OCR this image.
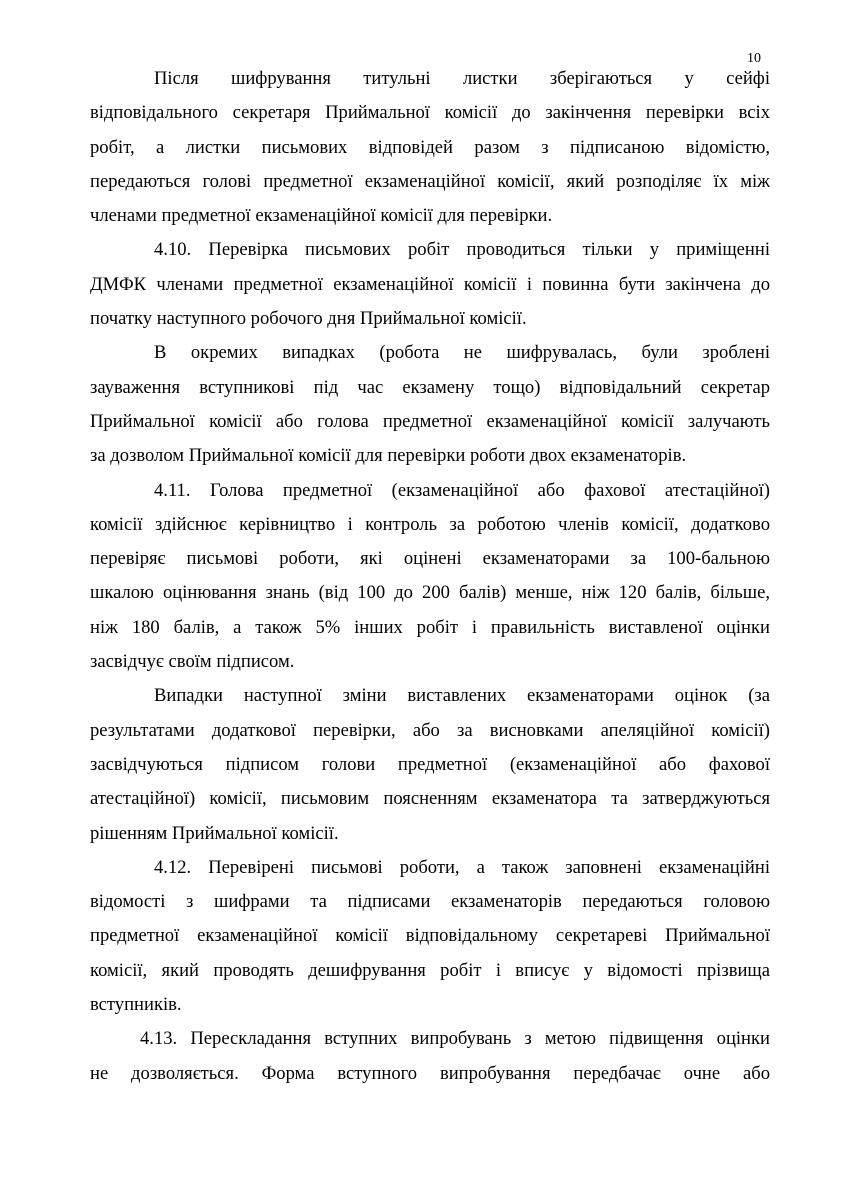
10
Після шифрування титульні листки зберігаються у сейфі
відповідального секретаря Приймальної комісії до закінчення перевірки всіх
робіт, а листки письмових відповідей разом з підписаною відомістю,
передаються голові предметної екзаменаційної комісії, який розподіляє їх між
членами предметної екзаменаційної комісії для перевірки.
4.10. Перевірка письмових робіт проводиться тільки у приміщенні
ДМФК членами предметної екзаменаційної комісії і повинна бути закінчена до
початку наступного робочого дня Приймальної комісії.
В окремих випадках (робота не шифрувалась, були зроблені
зауваження вступникові під час екзамену тощо) відповідальний секретар
Приймальної комісії або голова предметної екзаменаційної комісії залучають
за дозволом Приймальної комісії для перевірки роботи двох екзаменаторів.
4.11. Голова предметної (екзаменаційної або фахової атестаційної)
комісії здійснює керівництво і контроль за роботою членів комісії, додатково
перевіряє письмові роботи, які оцінені екзаменаторами за 100-бальною
шкалою оцінювання знань (від 100 до 200 балів) менше, ніж 120 балів, більше,
ніж 180 балів, а також 5% інших робіт і правильність виставленої оцінки
засвідчує своїм підписом.
Випадки наступної зміни виставлених екзаменаторами оцінок (за
результатами додаткової перевірки, або за висновками апеляційної комісії)
засвідчуються підписом голови предметної (екзаменаційної або фахової
атестаційної) комісії, письмовим поясненням екзаменатора та затверджуються
рішенням Приймальної комісії.
4.12. Перевірені письмові роботи, а також заповнені екзаменаційні
відомості з шифрами та підписами екзаменаторів передаються головою
предметної екзаменаційної комісії відповідальному секретареві Приймальної
комісії, який проводять дешифрування робіт і вписує у відомості прізвища
вступників.
4.13. Перескладання вступних випробувань з метою підвищення оцінки
не дозволяється. Форма вступного випробування передбачає очне або
